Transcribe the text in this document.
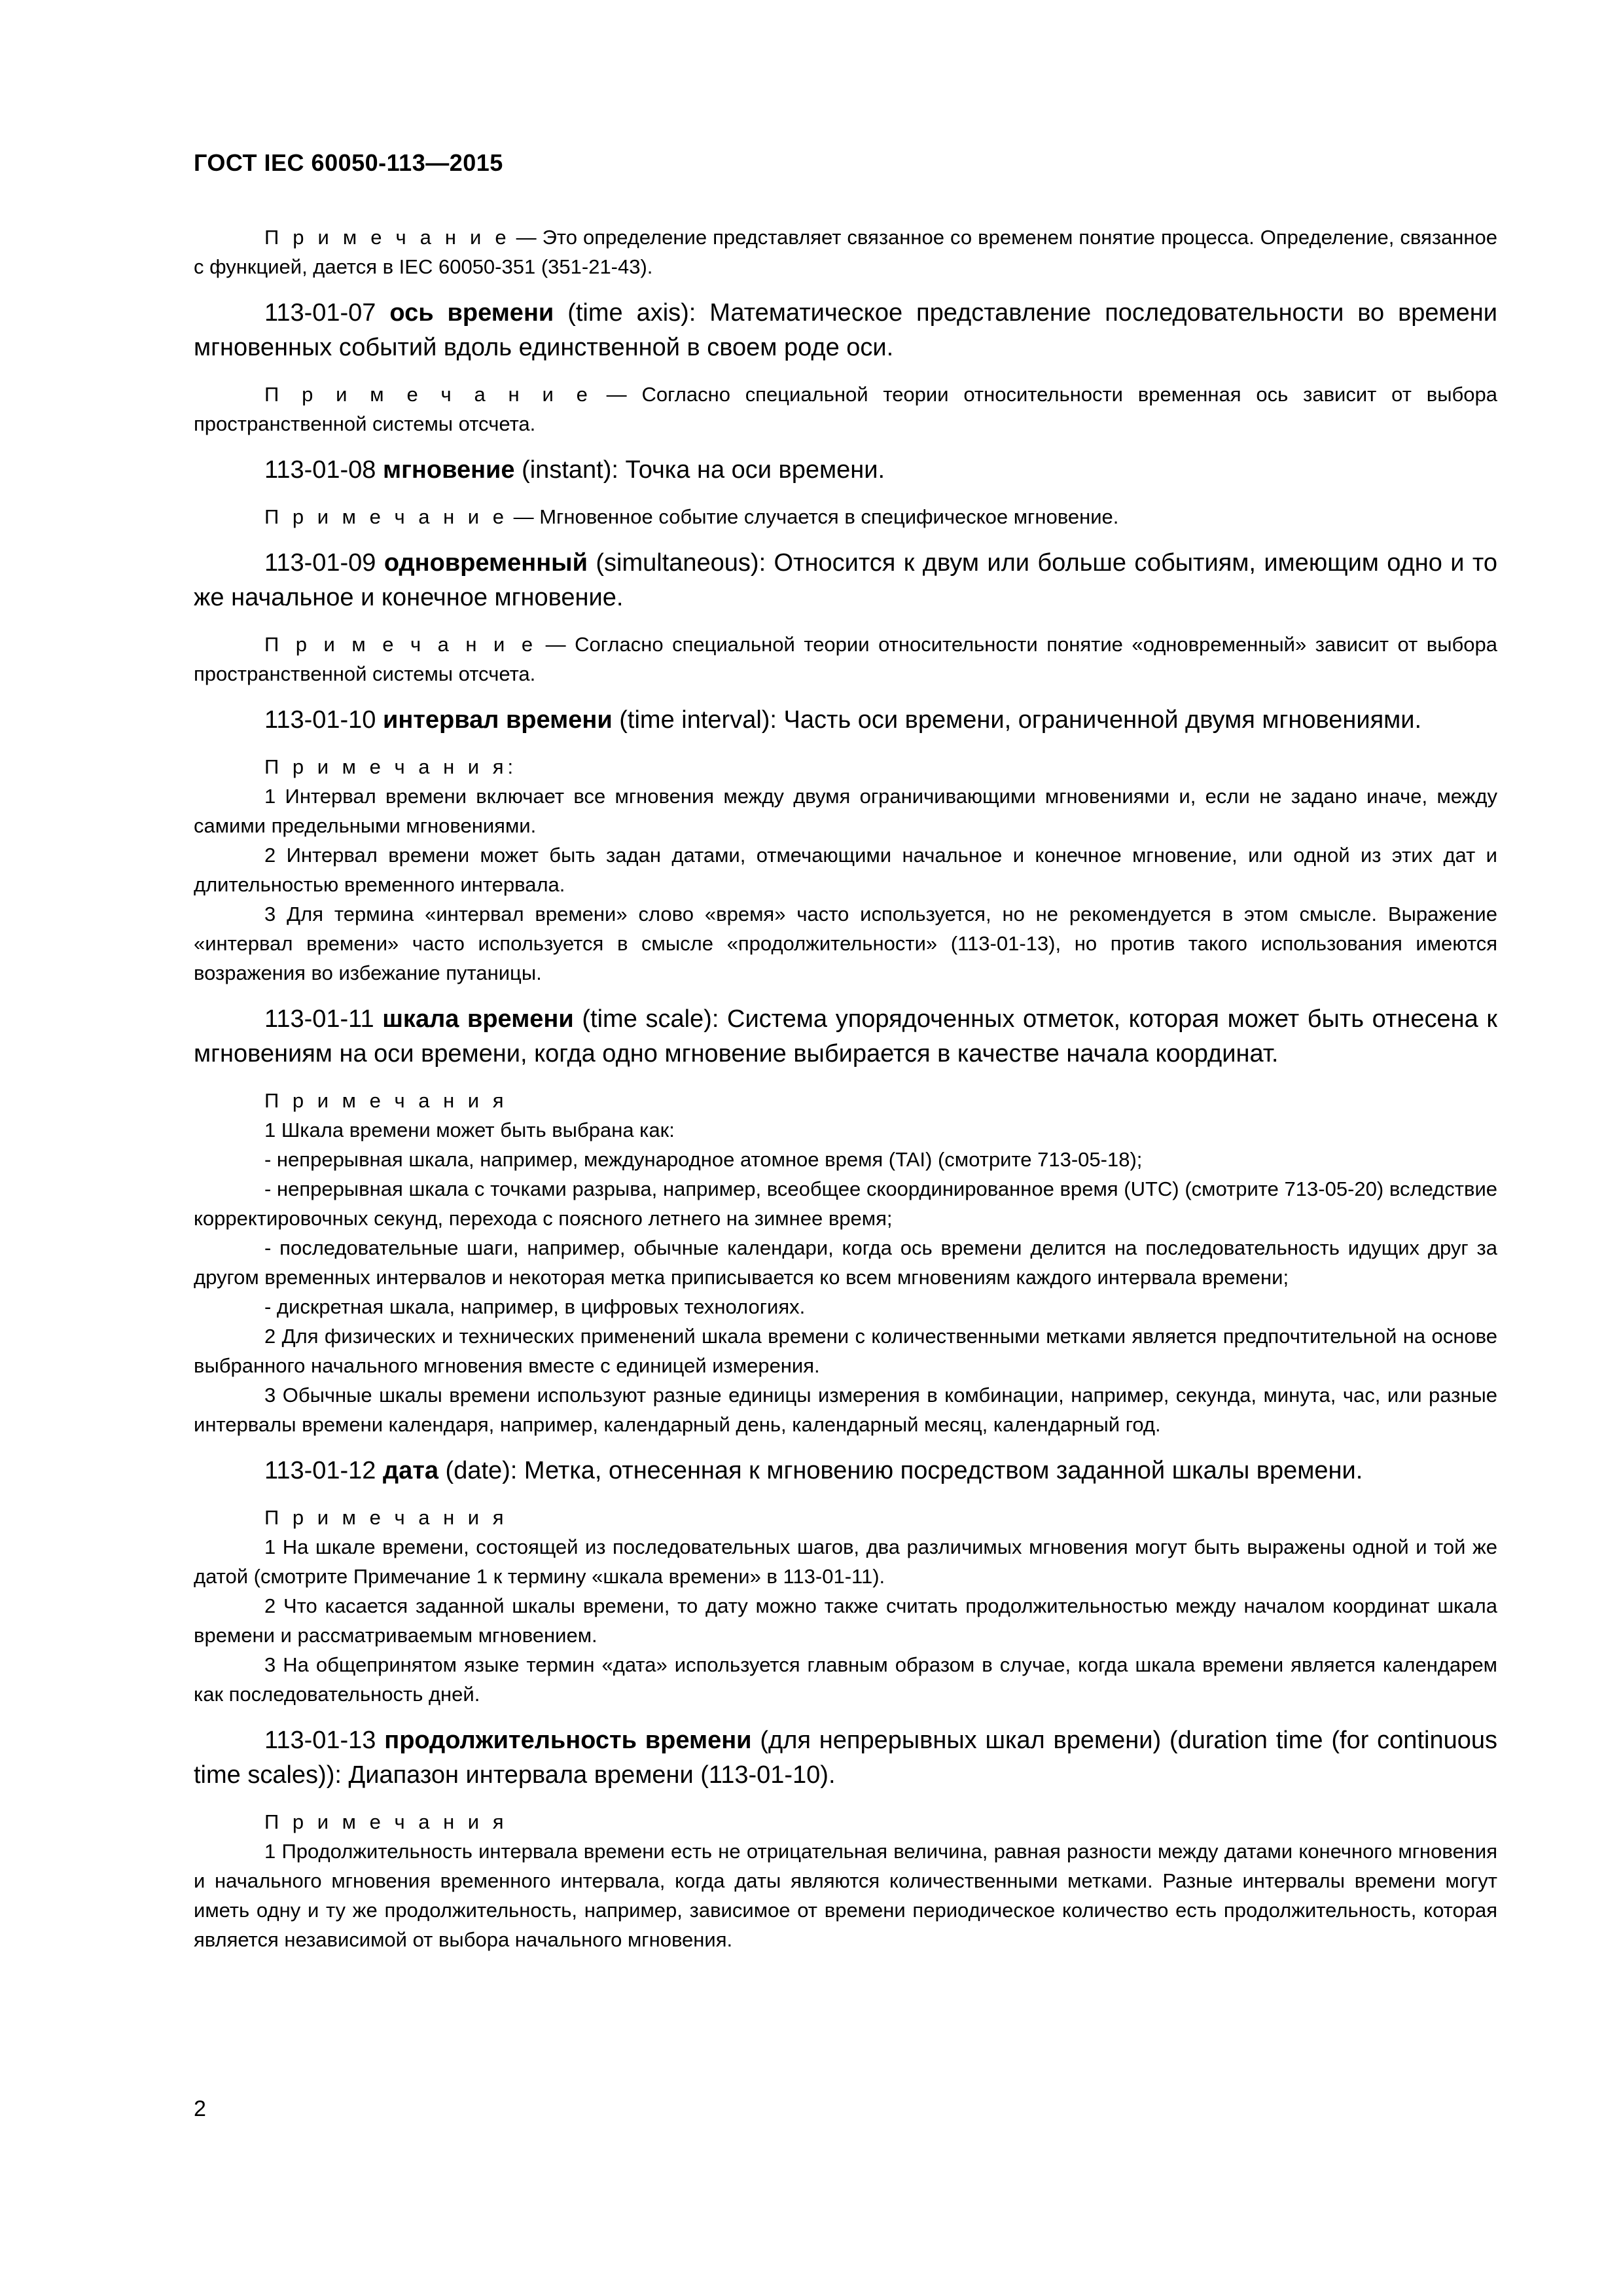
ГОСТ IEC 60050-113—2015

П р и м е ч а н и е — Это определение представляет связанное со временем понятие процесса. Определение, связанное с функцией, дается в IEC 60050-351 (351-21-43).

113-01-07 ось времени (time axis): Математическое представление последовательности во времени мгновенных событий вдоль единственной в своем роде оси.

П р и м е ч а н и е — Согласно специальной теории относительности временная ось зависит от выбора пространственной системы отсчета.

113-01-08 мгновение (instant): Точка на оси времени.

П р и м е ч а н и е — Мгновенное событие случается в специфическое мгновение.

113-01-09 одновременный (simultaneous): Относится к двум или больше событиям, имеющим одно и то же начальное и конечное мгновение.

П р и м е ч а н и е — Согласно специальной теории относительности понятие «одновременный» зависит от выбора пространственной системы отсчета.

113-01-10 интервал времени (time interval): Часть оси времени, ограниченной двумя мгновениями.

П р и м е ч а н и я:

1 Интервал времени включает все мгновения между двумя ограничивающими мгновениями и, если не задано иначе, между самими предельными мгновениями.

2 Интервал времени может быть задан датами, отмечающими начальное и конечное мгновение, или одной из этих дат и длительностью временного интервала.

3 Для термина «интервал времени» слово «время» часто используется, но не рекомендуется в этом смысле. Выражение «интервал времени» часто используется в смысле «продолжительности» (113-01-13), но против такого использования имеются возражения во избежание путаницы.

113-01-11 шкала времени (time scale): Система упорядоченных отметок, которая может быть отнесена к мгновениям на оси времени, когда одно мгновение выбирается в качестве начала координат.

П р и м е ч а н и я

1 Шкала времени может быть выбрана как:

- непрерывная шкала, например, международное атомное время (TAI) (смотрите 713-05-18);

- непрерывная шкала с точками разрыва, например, всеобщее скоординированное время (UTC) (смотрите 713-05-20) вследствие корректировочных секунд, перехода с поясного летнего на зимнее время;

- последовательные шаги, например, обычные календари, когда ось времени делится на последовательность идущих друг за другом временных интервалов и некоторая метка приписывается ко всем мгновениям каждого интервала времени;

- дискретная шкала, например, в цифровых технологиях.

2 Для физических и технических применений шкала времени с количественными метками является предпочтительной на основе выбранного начального мгновения вместе с единицей измерения.

3 Обычные шкалы времени используют разные единицы измерения в комбинации, например, секунда, минута, час, или разные интервалы времени календаря, например, календарный день, календарный месяц, календарный год.

113-01-12 дата (date): Метка, отнесенная к мгновению посредством заданной шкалы времени.

П р и м е ч а н и я

1 На шкале времени, состоящей из последовательных шагов, два различимых мгновения могут быть выражены одной и той же датой (смотрите Примечание 1 к термину «шкала времени» в 113-01-11).

2 Что касается заданной шкалы времени, то дату можно также считать продолжительностью между началом координат шкала времени и рассматриваемым мгновением.

3 На общепринятом языке термин «дата» используется главным образом в случае, когда шкала времени является календарем как последовательность дней.

113-01-13 продолжительность времени (для непрерывных шкал времени) (duration time (for continuous time scales)): Диапазон интервала времени (113-01-10).

П р и м е ч а н и я

1 Продолжительность интервала времени есть не отрицательная величина, равная разности между датами конечного мгновения и начального мгновения временного интервала, когда даты являются количественными метками. Разные интервалы времени могут иметь одну и ту же продолжительность, например, зависимое от времени периодическое количество есть продолжительность, которая является независимой от выбора начального мгновения.

2
